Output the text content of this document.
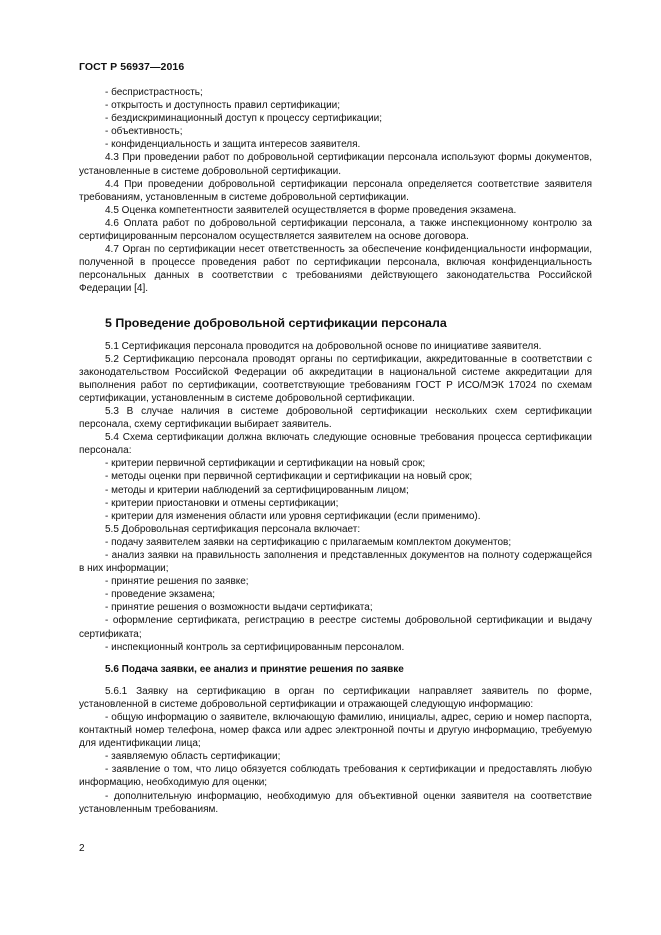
ГОСТ Р 56937—2016

- беспристрастность;

- открытость и доступность правил сертификации;

- бездискриминационный доступ к процессу сертификации;

- объективность;

- конфиденциальность и защита интересов заявителя.

4.3 При проведении работ по добровольной сертификации персонала используют формы документов, установленные в системе добровольной сертификации.

4.4 При проведении добровольной сертификации персонала определяется соответствие заявителя требованиям, установленным в системе добровольной сертификации.

4.5 Оценка компетентности заявителей осуществляется в форме проведения экзамена.

4.6 Оплата работ по добровольной сертификации персонала, а также инспекционному контролю за сертифицированным персоналом осуществляется заявителем на основе договора.

4.7 Орган по сертификации несет ответственность за обеспечение конфиденциальности информации, полученной в процессе проведения работ по сертификации персонала, включая конфиденциальность персональных данных в соответствии с требованиями действующего законодательства Российской Федерации [4].

5 Проведение добровольной сертификации персонала

5.1 Сертификация персонала проводится на добровольной основе по инициативе заявителя.

5.2 Сертификацию персонала проводят органы по сертификации, аккредитованные в соответствии с законодательством Российской Федерации об аккредитации в национальной системе аккредитации для выполнения работ по сертификации, соответствующие требованиям ГОСТ Р ИСО/МЭК 17024 по схемам сертификации, установленным в системе добровольной сертификации.

5.3 В случае наличия в системе добровольной сертификации нескольких схем сертификации персонала, схему сертификации выбирает заявитель.

5.4 Схема сертификации должна включать следующие основные требования процесса сертификации персонала:

- критерии первичной сертификации и сертификации на новый срок;

- методы оценки при первичной сертификации и сертификации на новый срок;

- методы и критерии наблюдений за сертифицированным лицом;

- критерии приостановки и отмены сертификации;

- критерии для изменения области или уровня сертификации (если применимо).

5.5 Добровольная сертификация персонала включает:

- подачу заявителем заявки на сертификацию с прилагаемым комплектом документов;

- анализ заявки на правильность заполнения и представленных документов на полноту содержащейся в них информации;

- принятие решения по заявке;

- проведение экзамена;

- принятие решения о возможности выдачи сертификата;

- оформление сертификата, регистрацию в реестре системы добровольной сертификации и выдачу сертификата;

- инспекционный контроль за сертифицированным персоналом.

5.6 Подача заявки, ее анализ и принятие решения по заявке

5.6.1 Заявку на сертификацию в орган по сертификации направляет заявитель по форме, установленной в системе добровольной сертификации и отражающей следующую информацию:

- общую информацию о заявителе, включающую фамилию, инициалы, адрес, серию и номер паспорта, контактный номер телефона, номер факса или адрес электронной почты и другую информацию, требуемую для идентификации лица;

- заявляемую область сертификации;

- заявление о том, что лицо обязуется соблюдать требования к сертификации и предоставлять любую информацию, необходимую для оценки;

- дополнительную информацию, необходимую для объективной оценки заявителя на соответствие установленным требованиям.

2
